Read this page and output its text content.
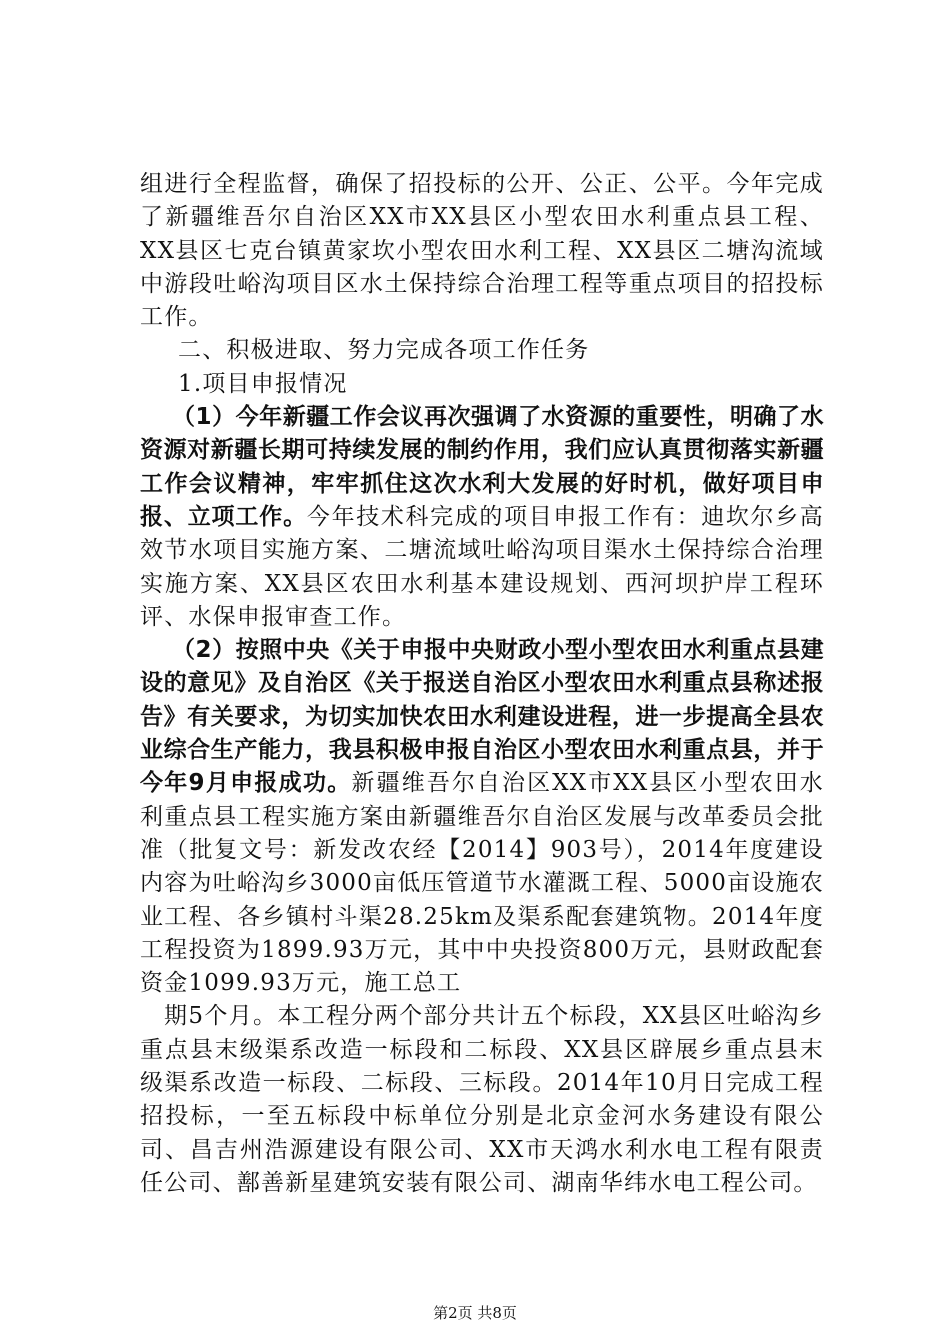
组进行全程监督，确保了招投标的公开、公正、公平。今年完成了新疆维吾尔自治区XX市XX县区小型农田水利重点县工程、XX县区七克台镇黄家坎小型农田水利工程、XX县区二塘沟流域中游段吐峪沟项目区水土保持综合治理工程等重点项目的招投标工作。

二、积极进取、努力完成各项工作任务

1.项目申报情况

（1）今年新疆工作会议再次强调了水资源的重要性，明确了水资源对新疆长期可持续发展的制约作用，我们应认真贯彻落实新疆工作会议精神，牢牢抓住这次水利大发展的好时机，做好项目申报、立项工作。今年技术科完成的项目申报工作有：迪坎尔乡高效节水项目实施方案、二塘流域吐峪沟项目渠水土保持综合治理实施方案、XX县区农田水利基本建设规划、西河坝护岸工程环评、水保申报审查工作。

（2）按照中央《关于申报中央财政小型小型农田水利重点县建设的意见》及自治区《关于报送自治区小型农田水利重点县称述报告》有关要求，为切实加快农田水利建设进程，进一步提高全县农业综合生产能力，我县积极申报自治区小型农田水利重点县，并于今年9月申报成功。新疆维吾尔自治区XX市XX县区小型农田水利重点县工程实施方案由新疆维吾尔自治区发展与改革委员会批准（批复文号：新发改农经【2014】903号），2014年度建设内容为吐峪沟乡3000亩低压管道节水灌溉工程、5000亩设施农业工程、各乡镇村斗渠28.25km及渠系配套建筑物。2014年度工程投资为1899.93万元，其中中央投资800万元，县财政配套资金1099.93万元，施工总工

期5个月。本工程分两个部分共计五个标段，XX县区吐峪沟乡重点县末级渠系改造一标段和二标段、XX县区辟展乡重点县末级渠系改造一标段、二标段、三标段。2014年10月日完成工程招投标，一至五标段中标单位分别是北京金河水务建设有限公司、昌吉州浩源建设有限公司、XX市天鸿水利水电工程有限责任公司、鄯善新星建筑安装有限公司、湖南华纬水电工程公司。

第2页 共8页
